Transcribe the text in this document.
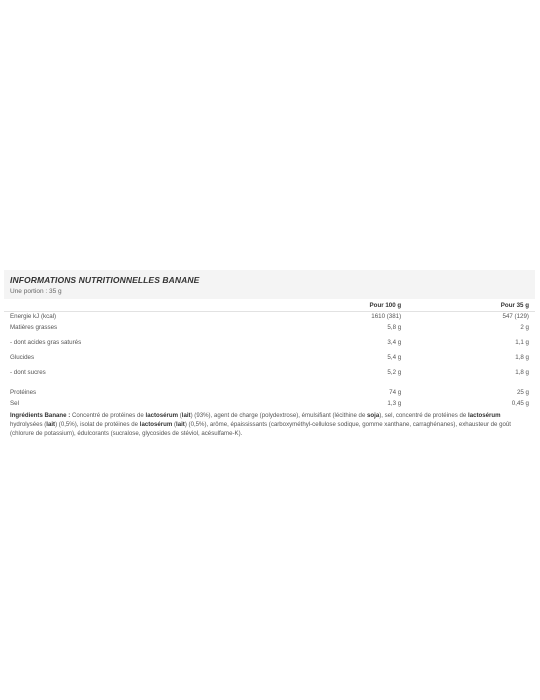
INFORMATIONS NUTRITIONNELLES BANANE
Une portion : 35 g
	Pour 100 g	Pour 35 g
Energie kJ (kcal)	1610 (381)	547 (129)
Matières grasses	5,8 g	2 g
- dont acides gras saturés	3,4 g	1,1 g
Glucides	5,4 g	1,8 g
- dont sucres	5,2 g	1,8 g

Protéines	74 g	25 g
Sel	1,3 g	0,45 g
Ingrédients Banane : Concentré de protéines de lactosérum (lait) (93%), agent de charge (polydextrose), émulsifiant (lécithine de soja), sel, concentré de protéines de lactosérum hydrolysées (lait) (0,5%), isolat de protéines de lactosérum (lait) (0,5%), arôme, épaississants (carboxyméthyl-cellulose sodique, gomme xanthane, carraghénanes), exhausteur de goût (chlorure de potassium), édulcorants (sucralose, glycosides de stéviol, acésulfame-K).
